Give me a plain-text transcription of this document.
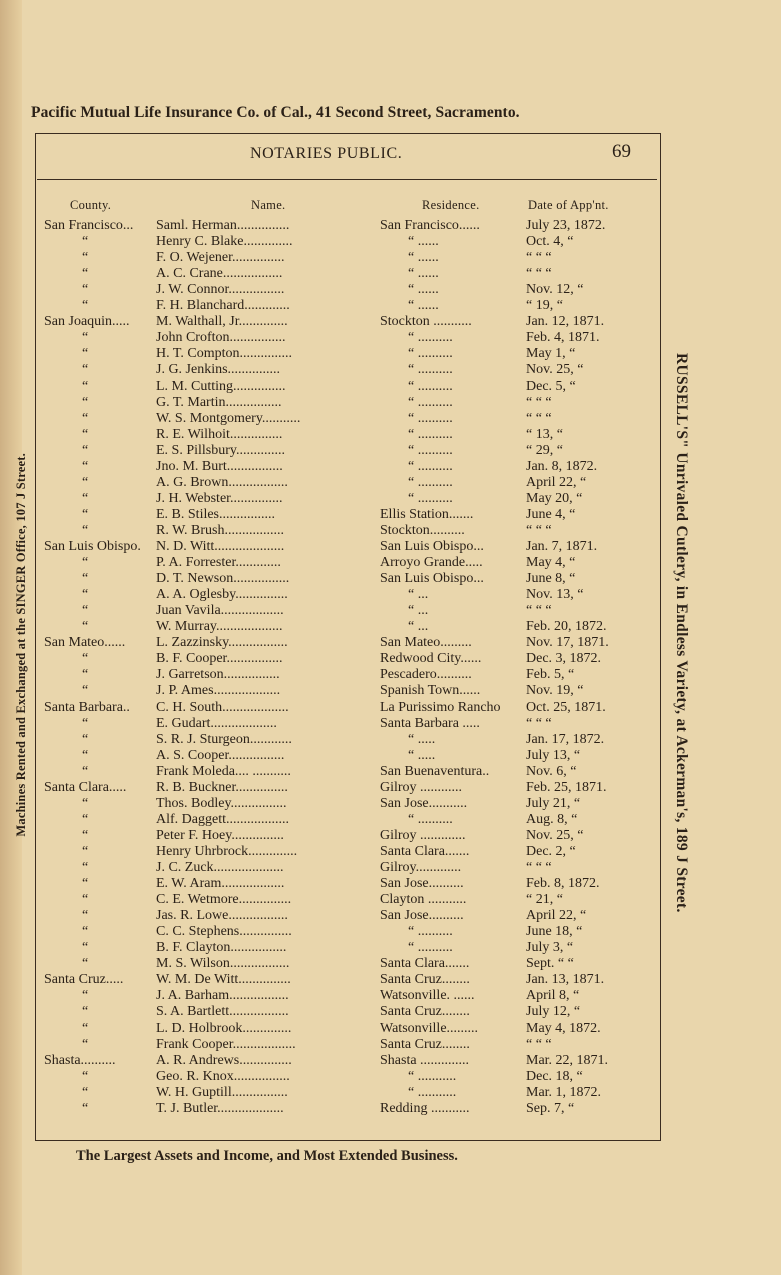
Pacific Mutual Life Insurance Co. of Cal., 41 Second Street, Sacramento.
Machines Rented and Exchanged at the SINGER Office, 107 J Street.	RUSSELL'S" Unrivaled Cutlery, in Endless Variety, at Ackerman's, 189 J Street.
NOTARIES PUBLIC.	69
County.	Name.	Residence.	Date of App'nt.
San Francisco...	Saml. Herman...............	San Francisco......	July 23, 1872.
“	Henry C. Blake..............	“ ......	Oct. 4, “
“	F. O. Wejener...............	“ ......	“ “ “
“	A. C. Crane.................	“ ......	“ “ “
“	J. W. Connor................	“ ......	Nov. 12, “
“	F. H. Blanchard.............	“ ......	“ 19, “
San Joaquin.....	M. Walthall, Jr..............	Stockton ...........	Jan. 12, 1871.
“	John Crofton................	“ ..........	Feb. 4, 1871.
“	H. T. Compton...............	“ ..........	May 1, “
“	J. G. Jenkins...............	“ ..........	Nov. 25, “
“	L. M. Cutting...............	“ ..........	Dec. 5, “
“	G. T. Martin................	“ ..........	“ “ “
“	W. S. Montgomery...........	“ ..........	“ “ “
“	R. E. Wilhoit...............	“ ..........	“ 13, “
“	E. S. Pillsbury..............	“ ..........	“ 29, “
“	Jno. M. Burt................	“ ..........	Jan. 8, 1872.
“	A. G. Brown.................	“ ..........	April 22, “
“	J. H. Webster...............	“ ..........	May 20, “
“	E. B. Stiles................	Ellis Station.......	June 4, “
“	R. W. Brush.................	Stockton..........	“ “ “
San Luis Obispo.	N. D. Witt....................	San Luis Obispo...	Jan. 7, 1871.
“	P. A. Forrester.............	Arroyo Grande.....	May 4, “
“	D. T. Newson................	San Luis Obispo...	June 8, “
“	A. A. Oglesby...............	“ ...	Nov. 13, “
“	Juan Vavila..................	“ ...	“ “ “
“	W. Murray...................	“ ...	Feb. 20, 1872.
San Mateo......	L. Zazzinsky.................	San Mateo.........	Nov. 17, 1871.
“	B. F. Cooper................	Redwood City......	Dec. 3, 1872.
“	J. Garretson................	Pescadero..........	Feb. 5, “
“	J. P. Ames...................	Spanish Town......	Nov. 19, “
Santa Barbara..	C. H. South...................	La Purissimo Rancho	Oct. 25, 1871.
“	E. Gudart...................	Santa Barbara .....	“ “ “
“	S. R. J. Sturgeon............	“ .....	Jan. 17, 1872.
“	A. S. Cooper................	“ .....	July 13, “
“	Frank Moleda.... ...........	San Buenaventura..	Nov. 6, “
Santa Clara.....	R. B. Buckner...............	Gilroy ............	Feb. 25, 1871.
“	Thos. Bodley................	San Jose...........	July 21, “
“	Alf. Daggett..................	“ ..........	Aug. 8, “
“	Peter F. Hoey...............	Gilroy .............	Nov. 25, “
“	Henry Uhrbrock..............	Santa Clara.......	Dec. 2, “
“	J. C. Zuck....................	Gilroy.............	“ “ “
“	E. W. Aram..................	San Jose..........	Feb. 8, 1872.
“	C. E. Wetmore...............	Clayton ...........	“ 21, “
“	Jas. R. Lowe.................	San Jose..........	April 22, “
“	C. C. Stephens...............	“ ..........	June 18, “
“	B. F. Clayton................	“ ..........	July 3, “
“	M. S. Wilson.................	Santa Clara.......	Sept. “ “
Santa Cruz.....	W. M. De Witt...............	Santa Cruz........	Jan. 13, 1871.
“	J. A. Barham.................	Watsonville. ......	April 8, “
“	S. A. Bartlett.................	Santa Cruz........	July 12, “
“	L. D. Holbrook..............	Watsonville.........	May 4, 1872.
“	Frank Cooper..................	Santa Cruz........	“ “ “
Shasta..........	A. R. Andrews...............	Shasta ..............	Mar. 22, 1871.
“	Geo. R. Knox................	“ ...........	Dec. 18, “
“	W. H. Guptill................	“ ...........	Mar. 1, 1872.
“	T. J. Butler...................	Redding ...........	Sep. 7, “
The Largest Assets and Income, and Most Extended Business.
